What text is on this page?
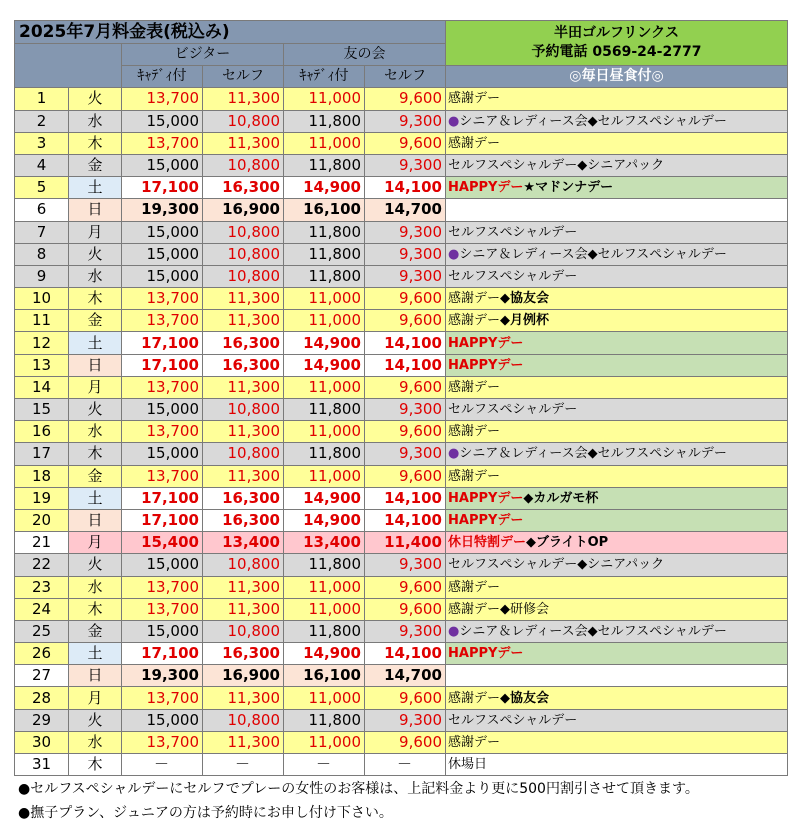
2025年7月料金表(税込み)						半田ゴルフリンクス
予約電話 0569-24-2777

		ビジター		友の会		
		ｷｬﾃﾞｨ付	セルフ	ｷｬﾃﾞｨ付	セルフ	◎毎日昼食付◎
1	火	13,700	11,300	11,000	9,600	感謝デー
2	水	15,000	10,800	11,800	9,300	●シニア＆レディース会◆セルフスペシャルデー
3	木	13,700	11,300	11,000	9,600	感謝デー
4	金	15,000	10,800	11,800	9,300	セルフスペシャルデー◆シニアパック
5	土	17,100	16,300	14,900	14,100	HAPPYデー★マドンナデー
6	日	19,300	16,900	16,100	14,700	
7	月	15,000	10,800	11,800	9,300	セルフスペシャルデー
8	火	15,000	10,800	11,800	9,300	●シニア＆レディース会◆セルフスペシャルデー
9	水	15,000	10,800	11,800	9,300	セルフスペシャルデー
10	木	13,700	11,300	11,000	9,600	感謝デー◆協友会
11	金	13,700	11,300	11,000	9,600	感謝デー◆月例杯
12	土	17,100	16,300	14,900	14,100	HAPPYデー
13	日	17,100	16,300	14,900	14,100	HAPPYデー
14	月	13,700	11,300	11,000	9,600	感謝デー
15	火	15,000	10,800	11,800	9,300	セルフスペシャルデー
16	水	13,700	11,300	11,000	9,600	感謝デー
17	木	15,000	10,800	11,800	9,300	●シニア＆レディース会◆セルフスペシャルデー
18	金	13,700	11,300	11,000	9,600	感謝デー
19	土	17,100	16,300	14,900	14,100	HAPPYデー◆カルガモ杯
20	日	17,100	16,300	14,900	14,100	HAPPYデー
21	月	15,400	13,400	13,400	11,400	休日特割デー◆ブライトOP
22	火	15,000	10,800	11,800	9,300	セルフスペシャルデー◆シニアパック
23	水	13,700	11,300	11,000	9,600	感謝デー
24	木	13,700	11,300	11,000	9,600	感謝デー◆研修会
25	金	15,000	10,800	11,800	9,300	●シニア＆レディース会◆セルフスペシャルデー
26	土	17,100	16,300	14,900	14,100	HAPPYデー
27	日	19,300	16,900	16,100	14,700	
28	月	13,700	11,300	11,000	9,600	感謝デー◆協友会
29	火	15,000	10,800	11,800	9,300	セルフスペシャルデー
30	水	13,700	11,300	11,000	9,600	感謝デー
31	木	－	－	－	－	休場日
●セルフスペシャルデーにセルフでプレーの女性のお客様は、上記料金より更に500円割引させて頂きます。
●撫子プラン、ジュニアの方は予約時にお申し付け下さい。
